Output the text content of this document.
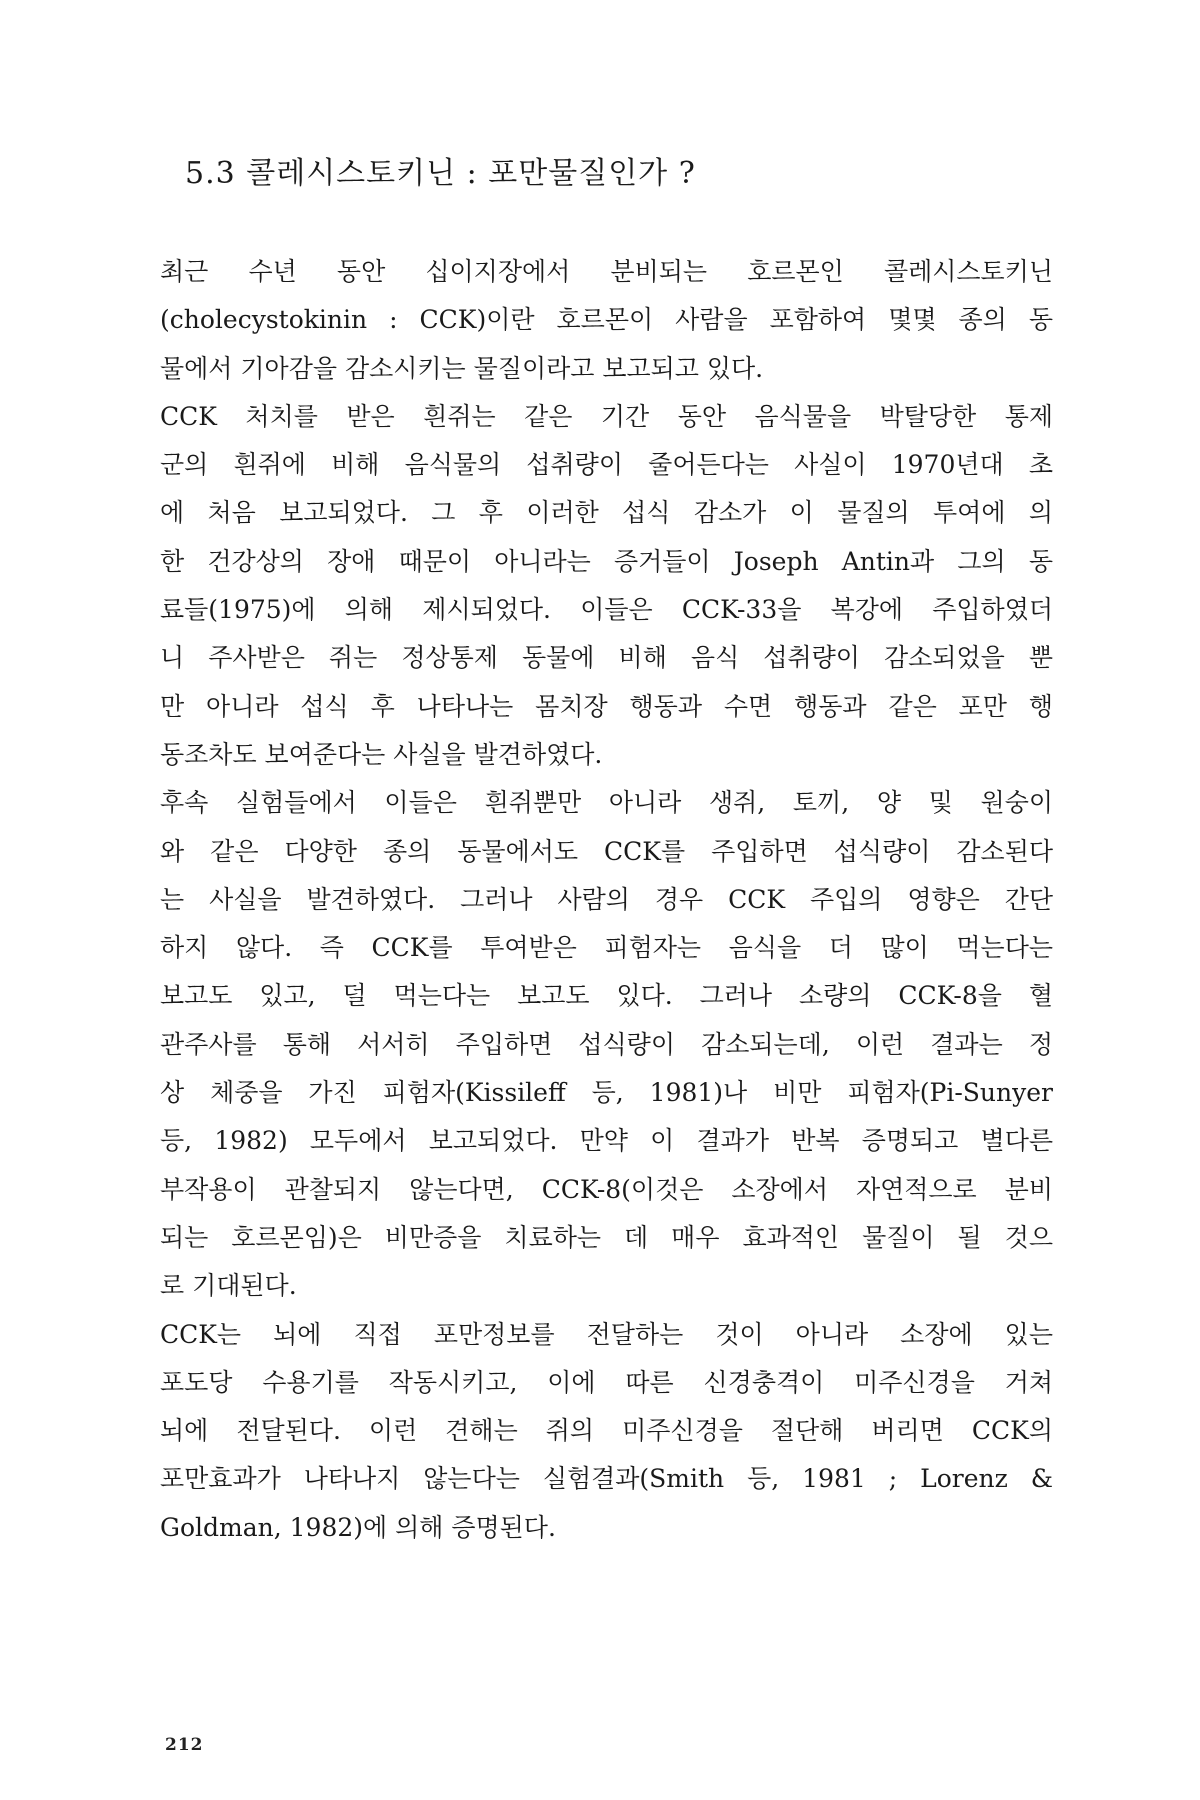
5.3 콜레시스토키닌 : 포만물질인가 ?
최근 수년 동안 십이지장에서 분비되는 호르몬인 콜레시스토키닌
(cholecystokinin : CCK)이란 호르몬이 사람을 포함하여 몇몇 종의 동
물에서 기아감을 감소시키는 물질이라고 보고되고 있다.
CCK 처치를 받은 흰쥐는 같은 기간 동안 음식물을 박탈당한 통제
군의 흰쥐에 비해 음식물의 섭취량이 줄어든다는 사실이 1970년대 초
에 처음 보고되었다. 그 후 이러한 섭식 감소가 이 물질의 투여에 의
한 건강상의 장애 때문이 아니라는 증거들이 Joseph Antin과 그의 동
료들(1975)에 의해 제시되었다. 이들은 CCK-33을 복강에 주입하였더
니 주사받은 쥐는 정상통제 동물에 비해 음식 섭취량이 감소되었을 뿐
만 아니라 섭식 후 나타나는 몸치장 행동과 수면 행동과 같은 포만 행
동조차도 보여준다는 사실을 발견하였다.
후속 실험들에서 이들은 흰쥐뿐만 아니라 생쥐, 토끼, 양 및 원숭이
와 같은 다양한 종의 동물에서도 CCK를 주입하면 섭식량이 감소된다
는 사실을 발견하였다. 그러나 사람의 경우 CCK 주입의 영향은 간단
하지 않다. 즉 CCK를 투여받은 피험자는 음식을 더 많이 먹는다는
보고도 있고, 덜 먹는다는 보고도 있다. 그러나 소량의 CCK-8을 혈
관주사를 통해 서서히 주입하면 섭식량이 감소되는데, 이런 결과는 정
상 체중을 가진 피험자(Kissileff 등, 1981)나 비만 피험자(Pi-Sunyer
등, 1982) 모두에서 보고되었다. 만약 이 결과가 반복 증명되고 별다른
부작용이 관찰되지 않는다면, CCK-8(이것은 소장에서 자연적으로 분비
되는 호르몬임)은 비만증을 치료하는 데 매우 효과적인 물질이 될 것으
로 기대된다.
CCK는 뇌에 직접 포만정보를 전달하는 것이 아니라 소장에 있는
포도당 수용기를 작동시키고, 이에 따른 신경충격이 미주신경을 거쳐
뇌에 전달된다. 이런 견해는 쥐의 미주신경을 절단해 버리면 CCK의
포만효과가 나타나지 않는다는 실험결과(Smith 등, 1981 ; Lorenz &
Goldman, 1982)에 의해 증명된다.
212
